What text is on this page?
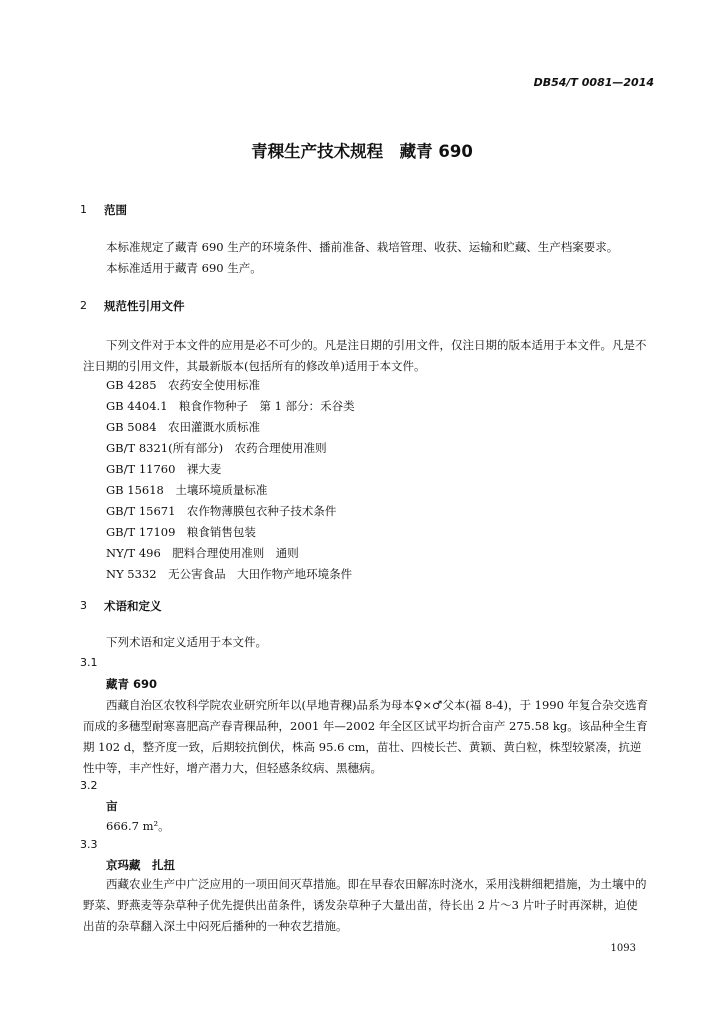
DB54/T 0081—2014
青稞生产技术规程　藏青 690
1 范围
本标准规定了藏青 690 生产的环境条件、播前准备、栽培管理、收获、运输和贮藏、生产档案要求。
本标准适用于藏青 690 生产。
2 规范性引用文件
下列文件对于本文件的应用是必不可少的。凡是注日期的引用文件，仅注日期的版本适用于本文件。凡是不注日期的引用文件，其最新版本(包括所有的修改单)适用于本文件。
GB 4285　农药安全使用标准
GB 4404.1　粮食作物种子　第 1 部分：禾谷类
GB 5084　农田灌溉水质标准
GB/T 8321(所有部分)　农药合理使用准则
GB/T 11760　裸大麦
GB 15618　土壤环境质量标准
GB/T 15671　农作物薄膜包衣种子技术条件
GB/T 17109　粮食销售包装
NY/T 496　肥料合理使用准则　通则
NY 5332　无公害食品　大田作物产地环境条件
3 术语和定义
下列术语和定义适用于本文件。
3.1
藏青 690
西藏自治区农牧科学院农业研究所年以(早地青稞)品系为母本♀×♂父本(福 8-4)，于 1990 年复合杂交选育而成的多穗型耐寒喜肥高产春青稞品种，2001 年—2002 年全区区试平均折合亩产 275.58 kg。该品种全生育期 102 d，整齐度一致，后期较抗倒伏，株高 95.6 cm，苗壮、四棱长芒、黄颖、黄白粒，株型较紧凑，抗逆性中等，丰产性好，增产潜力大，但轻感条纹病、黑穗病。
3.2
亩
666.7 m²。
3.3
京玛藏　扎扭
西藏农业生产中广泛应用的一项田间灭草措施。即在早春农田解冻时浇水，采用浅耕细耙措施，为土壤中的野菜、野燕麦等杂草种子优先提供出苗条件，诱发杂草种子大量出苗，待长出 2 片～3 片叶子时再深耕，迫使出苗的杂草翻入深土中闷死后播种的一种农艺措施。
1093
